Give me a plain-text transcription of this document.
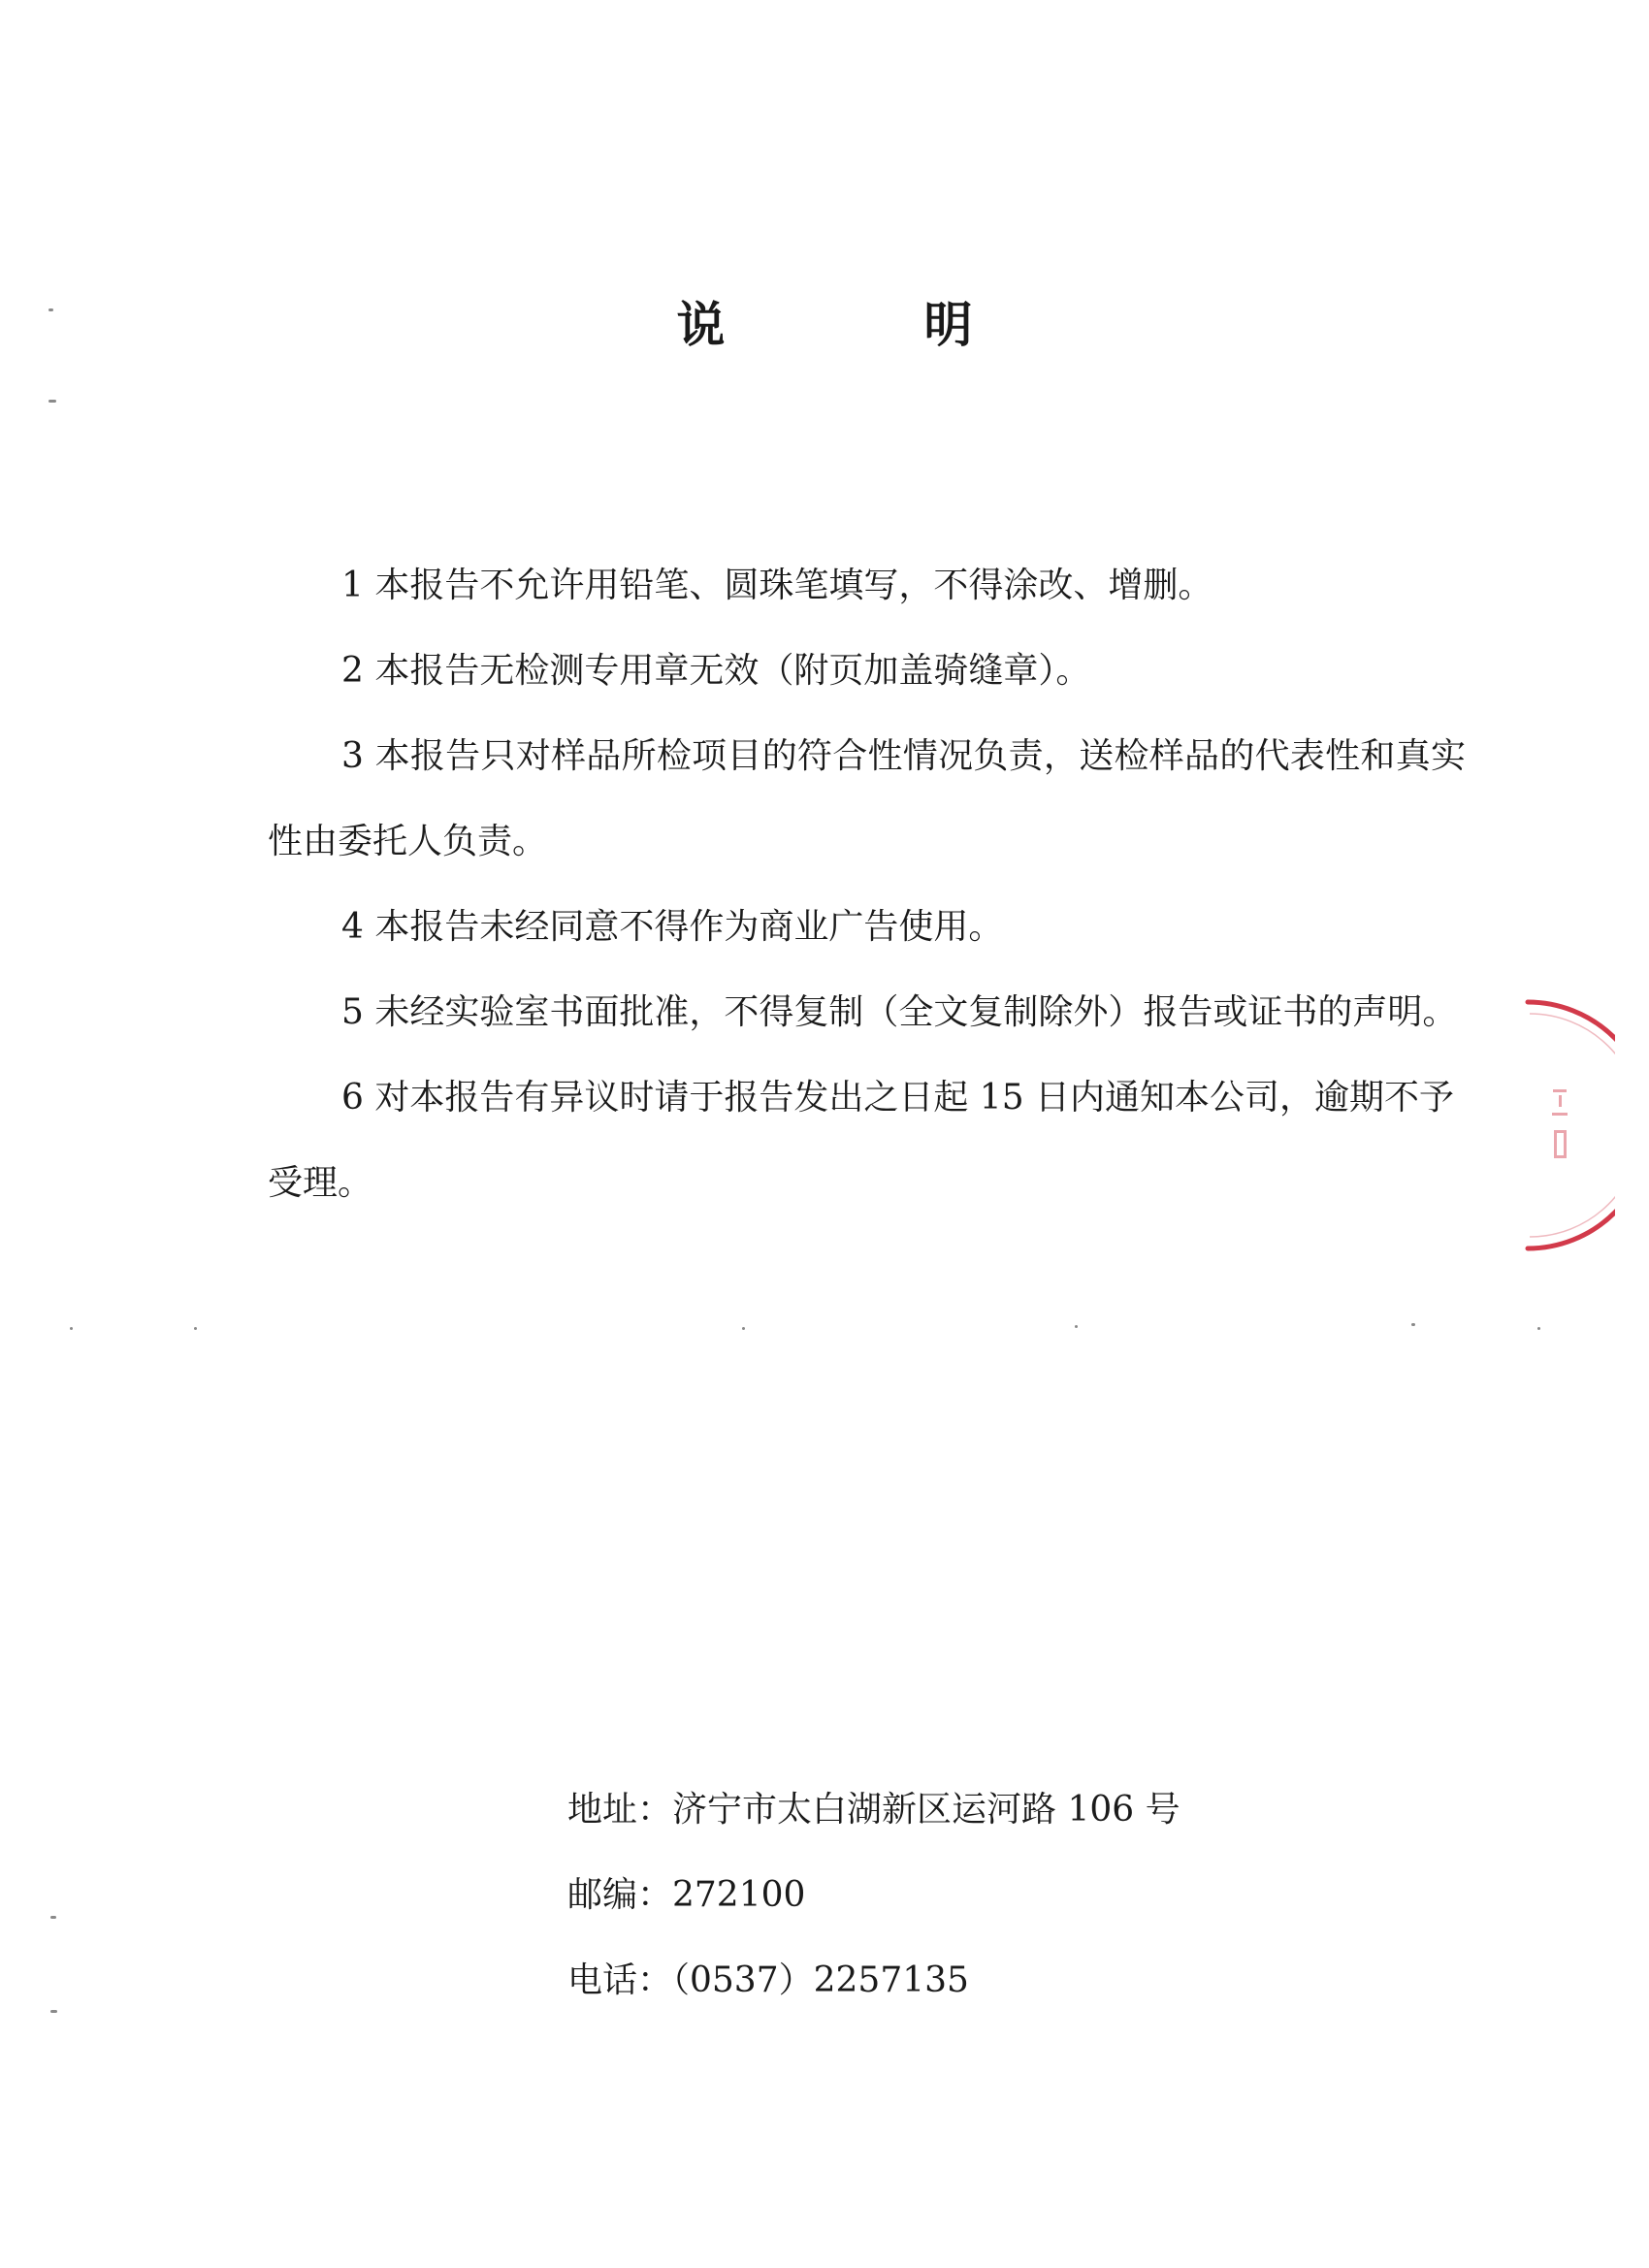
说	明

1 本报告不允许用铅笔、圆珠笔填写，不得涂改、增删。

2 本报告无检测专用章无效（附页加盖骑缝章）。

3 本报告只对样品所检项目的符合性情况负责，送检样品的代表性和真实性由委托人负责。

4 本报告未经同意不得作为商业广告使用。

5 未经实验室书面批准，不得复制（全文复制除外）报告或证书的声明。

6 对本报告有异议时请于报告发出之日起 15 日内通知本公司，逾期不予受理。

地址：济宁市太白湖新区运河路 106 号

邮编：272100

电话：（0537）2257135
